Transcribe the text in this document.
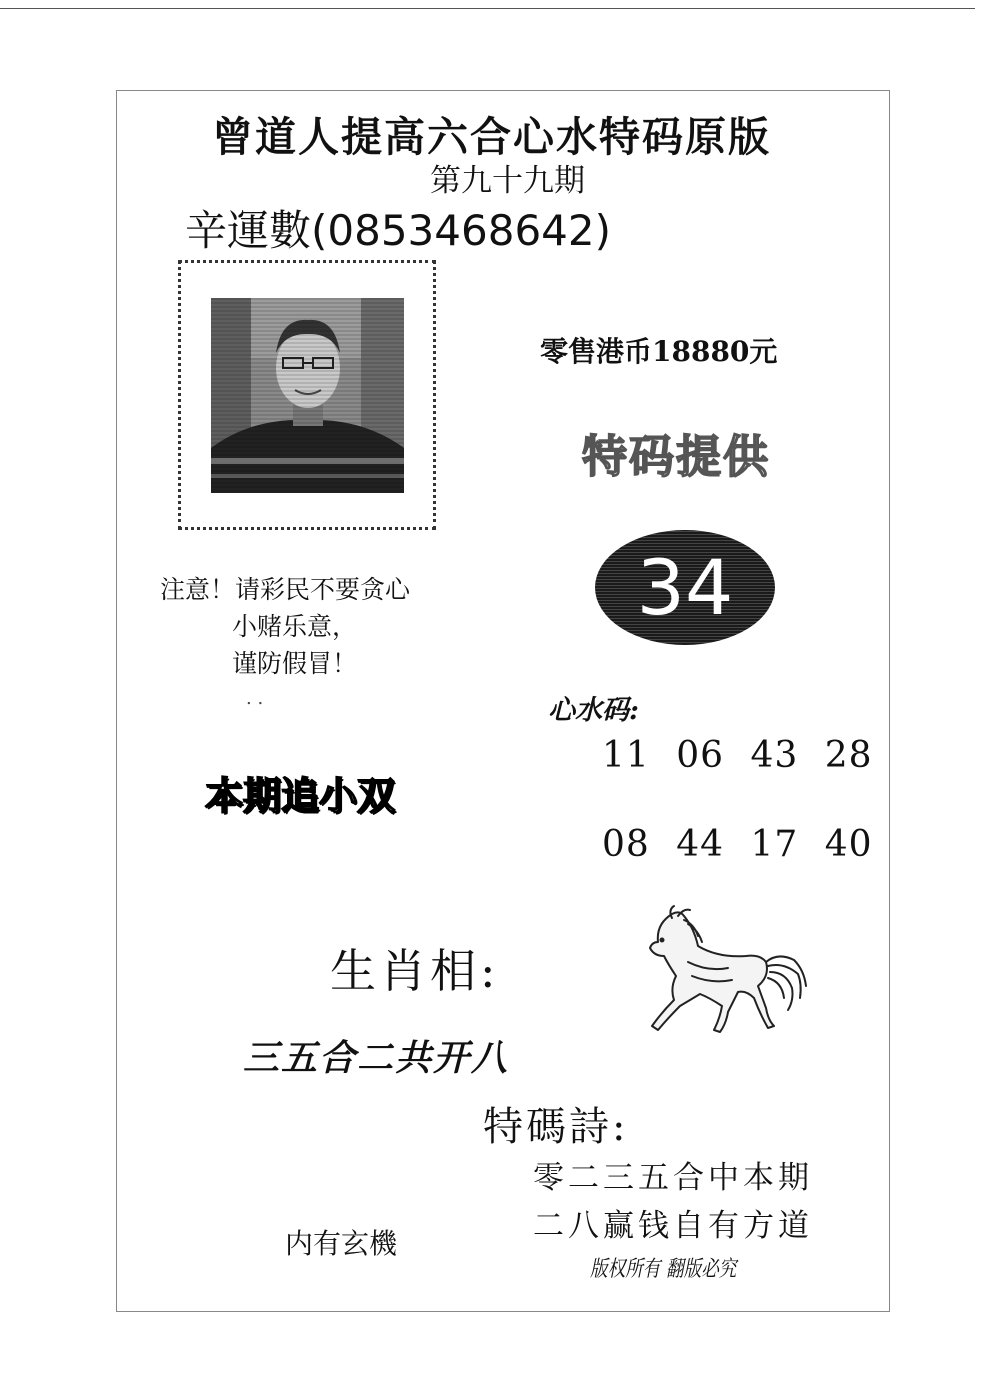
曾道人提高六合心水特码原版
第九十九期
辛運數(0853468642)
零售港币18880元
特码提供
34
注意！请彩民不要贪心
小赌乐意，
谨防假冒！
. .
本期追小双
心水码:
11 06 43 28
08 44 17 40
生肖相:
三五合二共开八
特碼詩:
零二三五合中本期
二八赢钱自有方道
版权所有 翻版必究
内有玄機
